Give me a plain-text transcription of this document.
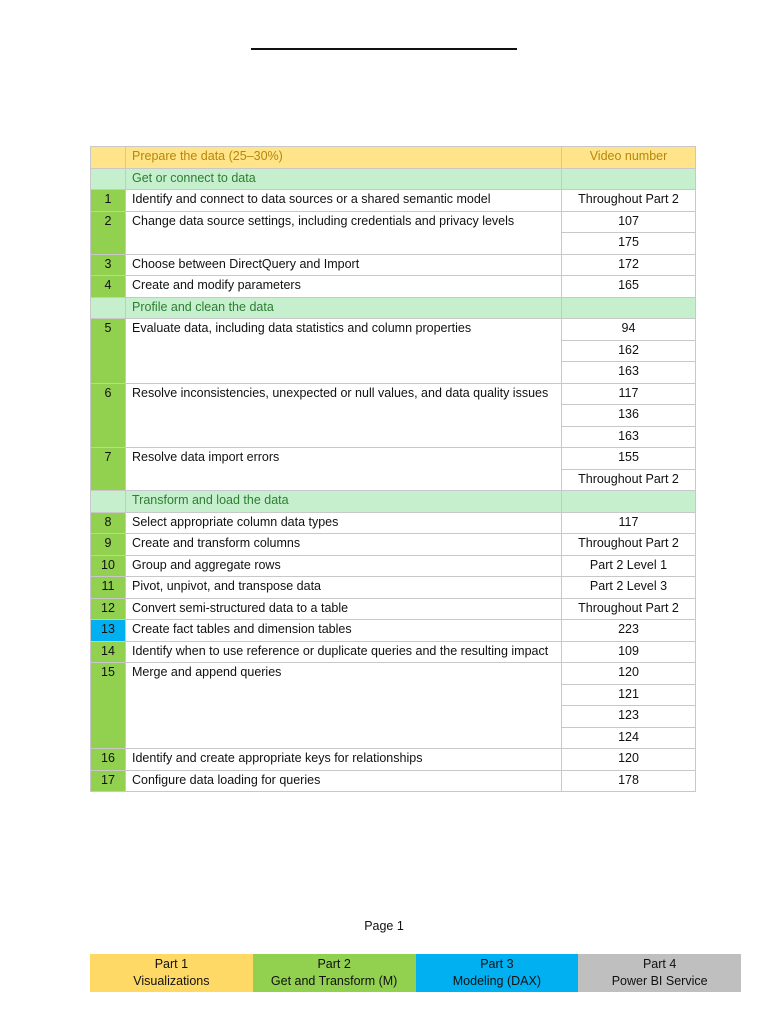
	Prepare the data (25–30%)	Video number
	Get or connect to data	
1	Identify and connect to data sources or a shared semantic model	Throughout Part 2
2	Change data source settings, including credentials and privacy levels	107
		175
3	Choose between DirectQuery and Import	172
4	Create and modify parameters	165
	Profile and clean the data	
5	Evaluate data, including data statistics and column properties	94
		162
		163
6	Resolve inconsistencies, unexpected or null values, and data quality issues	117
		136
		163
7	Resolve data import errors	155
		Throughout Part 2
	Transform and load the data	
8	Select appropriate column data types	117
9	Create and transform columns	Throughout Part 2
10	Group and aggregate rows	Part 2 Level 1
11	Pivot, unpivot, and transpose data	Part 2 Level 3
12	Convert semi-structured data to a table	Throughout Part 2
13	Create fact tables and dimension tables	223
14	Identify when to use reference or duplicate queries and the resulting impact	109
15	Merge and append queries	120
		121
		123
		124
16	Identify and create appropriate keys for relationships	120
17	Configure data loading for queries	178
Page 1
Part 1
Visualizations
Part 2
Get and Transform (M)
Part 3
Modeling (DAX)
Part 4
Power BI Service
